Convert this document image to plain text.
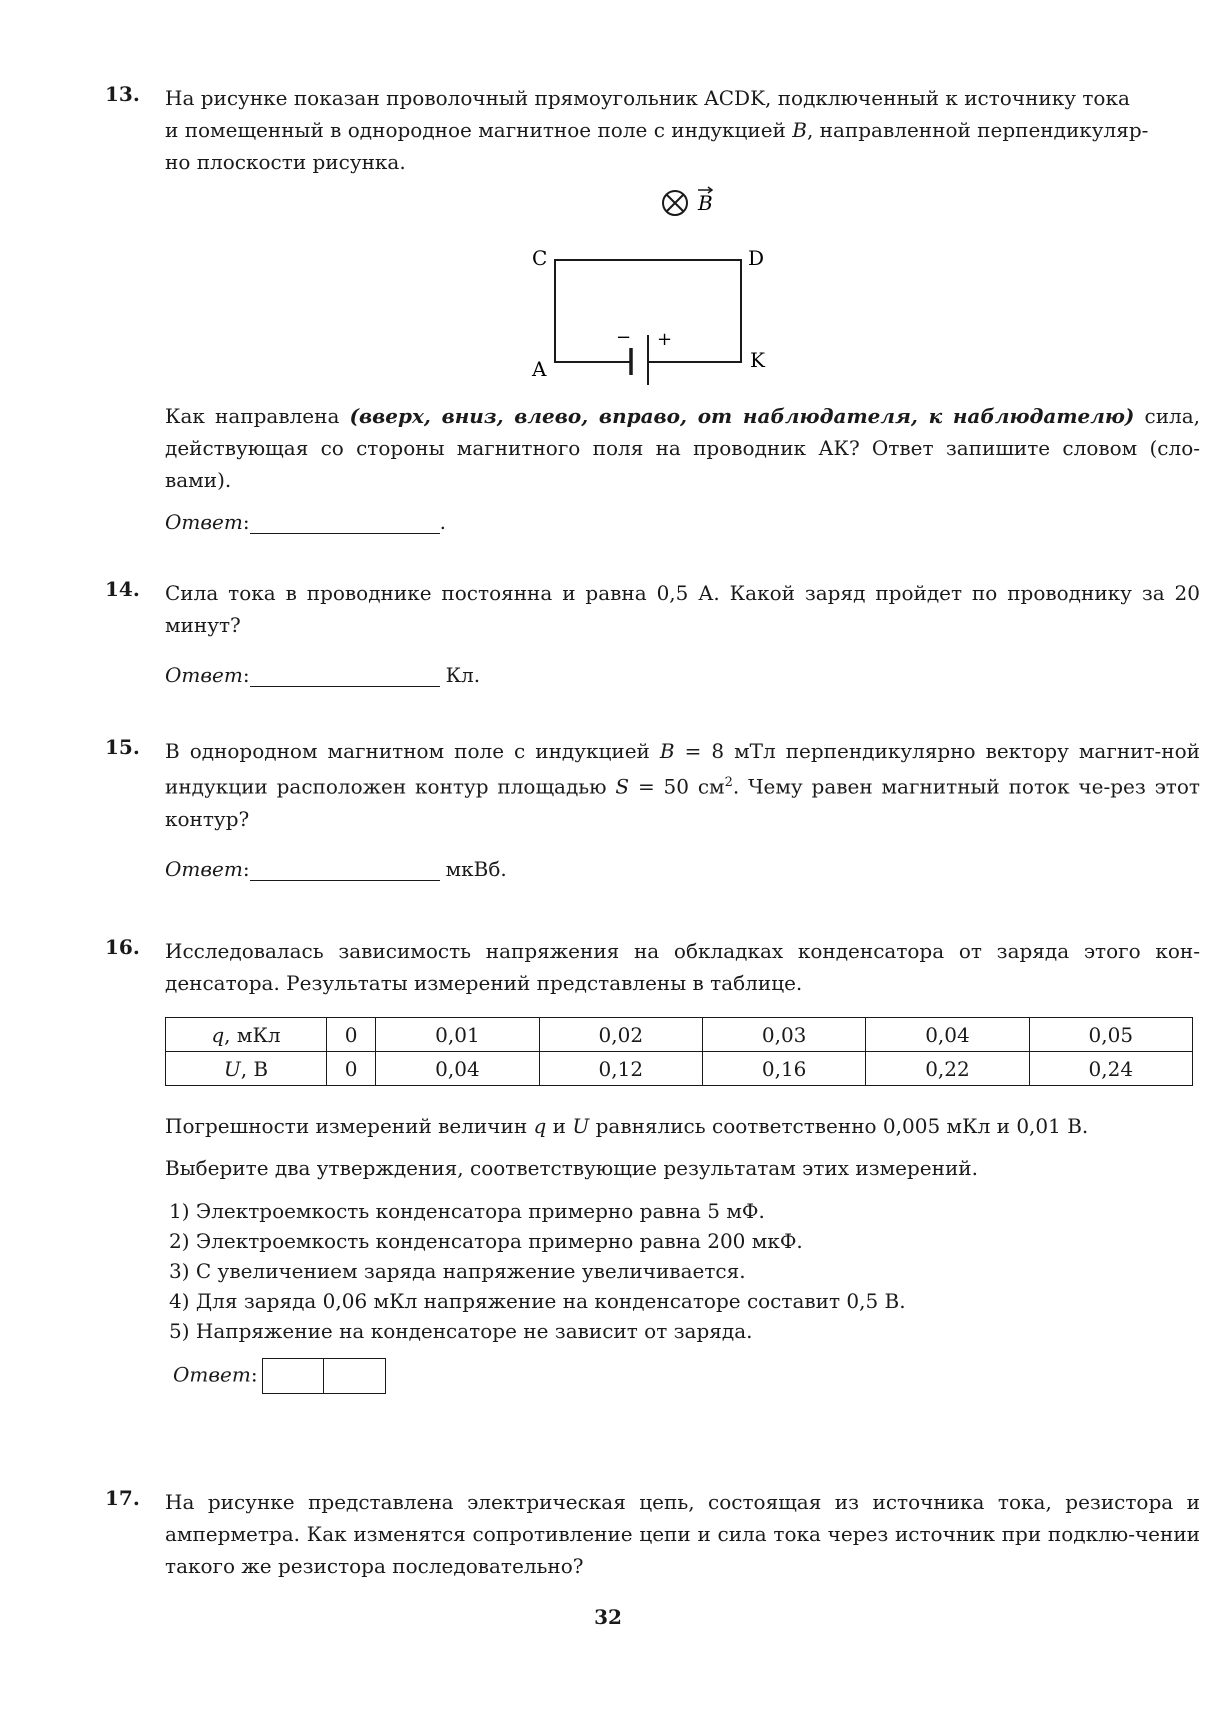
13. На рисунке показан проволочный прямоугольник ACDK, подключенный к источнику тока
и помещенный в однородное магнитное поле с индукцией B, направленной перпендикуляр-
но плоскости рисунка.
B
− +
C	D
A	K
Как направлена (вверх, вниз, влево, вправо, от наблюдателя, к наблюдателю) сила, действующая со стороны магнитного поля на проводник АК? Ответ запишите словом (сло-вами).
Ответ:	.
14. Сила тока в проводнике постоянна и равна 0,5 А. Какой заряд пройдет по проводнику за 20 минут?
Ответ:	Кл.
15. В однородном магнитном поле с индукцией B = 8 мТл перпендикулярно вектору магнит-ной индукции расположен контур площадью S = 50 $см^2$. Чему равен магнитный поток че-рез этот контур?
Ответ:	мкВб.
16. Исследовалась зависимость напряжения на обкладках конденсатора от заряда этого кон-денсатора. Результаты измерений представлены в таблице.
q, мКл	0	0,01	0,02	0,03	0,04	0,05
U, В	0	0,04	0,12	0,16	0,22	0,24
Погрешности измерений величин q и U равнялись соответственно 0,005 мКл и 0,01 В.
Выберите два утверждения, соответствующие результатам этих измерений.
1) Электроемкость конденсатора примерно равна 5 мФ.
2) Электроемкость конденсатора примерно равна 200 мкФ.
3) С увеличением заряда напряжение увеличивается.
4) Для заряда 0,06 мКл напряжение на конденсаторе составит 0,5 В.
5) Напряжение на конденсаторе не зависит от заряда.
Ответ:
17. На рисунке представлена электрическая цепь, состоящая из источника тока, резистора и амперметра. Как изменятся сопротивление цепи и сила тока через источник при подклю-чении такого же резистора последовательно?
32
